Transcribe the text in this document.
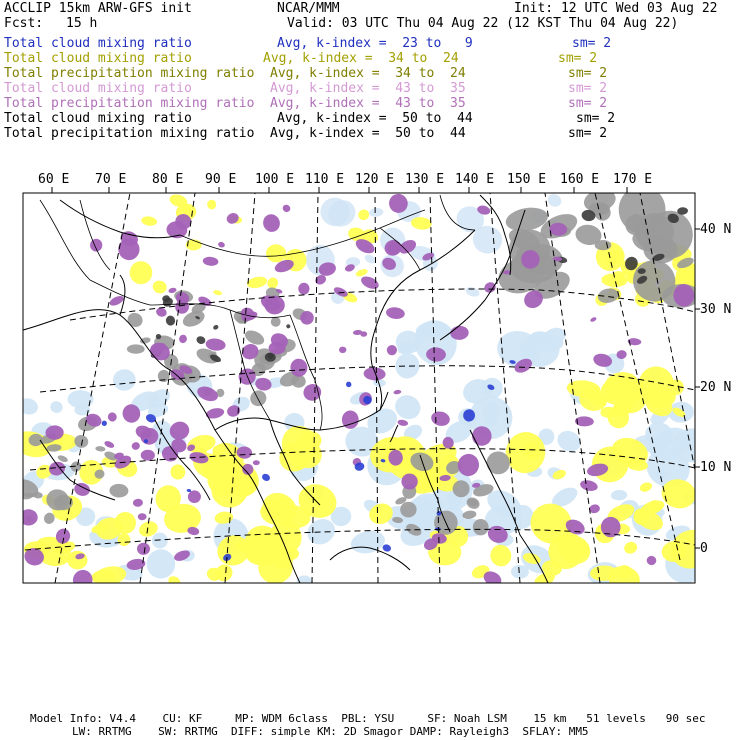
ACCLIP 15km ARW-GFS init	NCAR/MMM	Init: 12 UTC Wed 03 Aug 22
Fcst: 15 h	Valid: 03 UTC Thu 04 Aug 22 (12 KST Thu 04 Aug 22)
Total cloud mixing ratio	Avg, k-index =  23 to   9	sm= 2
Total cloud mixing ratio	Avg, k-index =  34 to  24	sm= 2
Total precipitation mixing ratio Avg, k-index =  34 to  24	sm= 2
Total cloud mixing ratio	Avg, k-index =  43 to  35	sm= 2
Total precipitation mixing ratio Avg, k-index =  43 to  35	sm= 2
Total cloud mixing ratio	Avg, k-index =  50 to  44	sm= 2
Total precipitation mixing ratio Avg, k-index =  50 to  44	sm= 2
60 E 70 E 80 E 90 E 100 E 110 E 120 E 130 E 140 E 150 E 160 E 170 E
40 N
30 N
20 N
10 N
0
Model Info: V4.4    CU: KF     MP: WDM 6class  PBL: YSU     SF: Noah LSM    15 km   51 levels   90 sec
LW: RRTMG    SW: RRTMG  DIFF: simple KM: 2D Smagor DAMP: Rayleigh3  SFLAY: MM5
